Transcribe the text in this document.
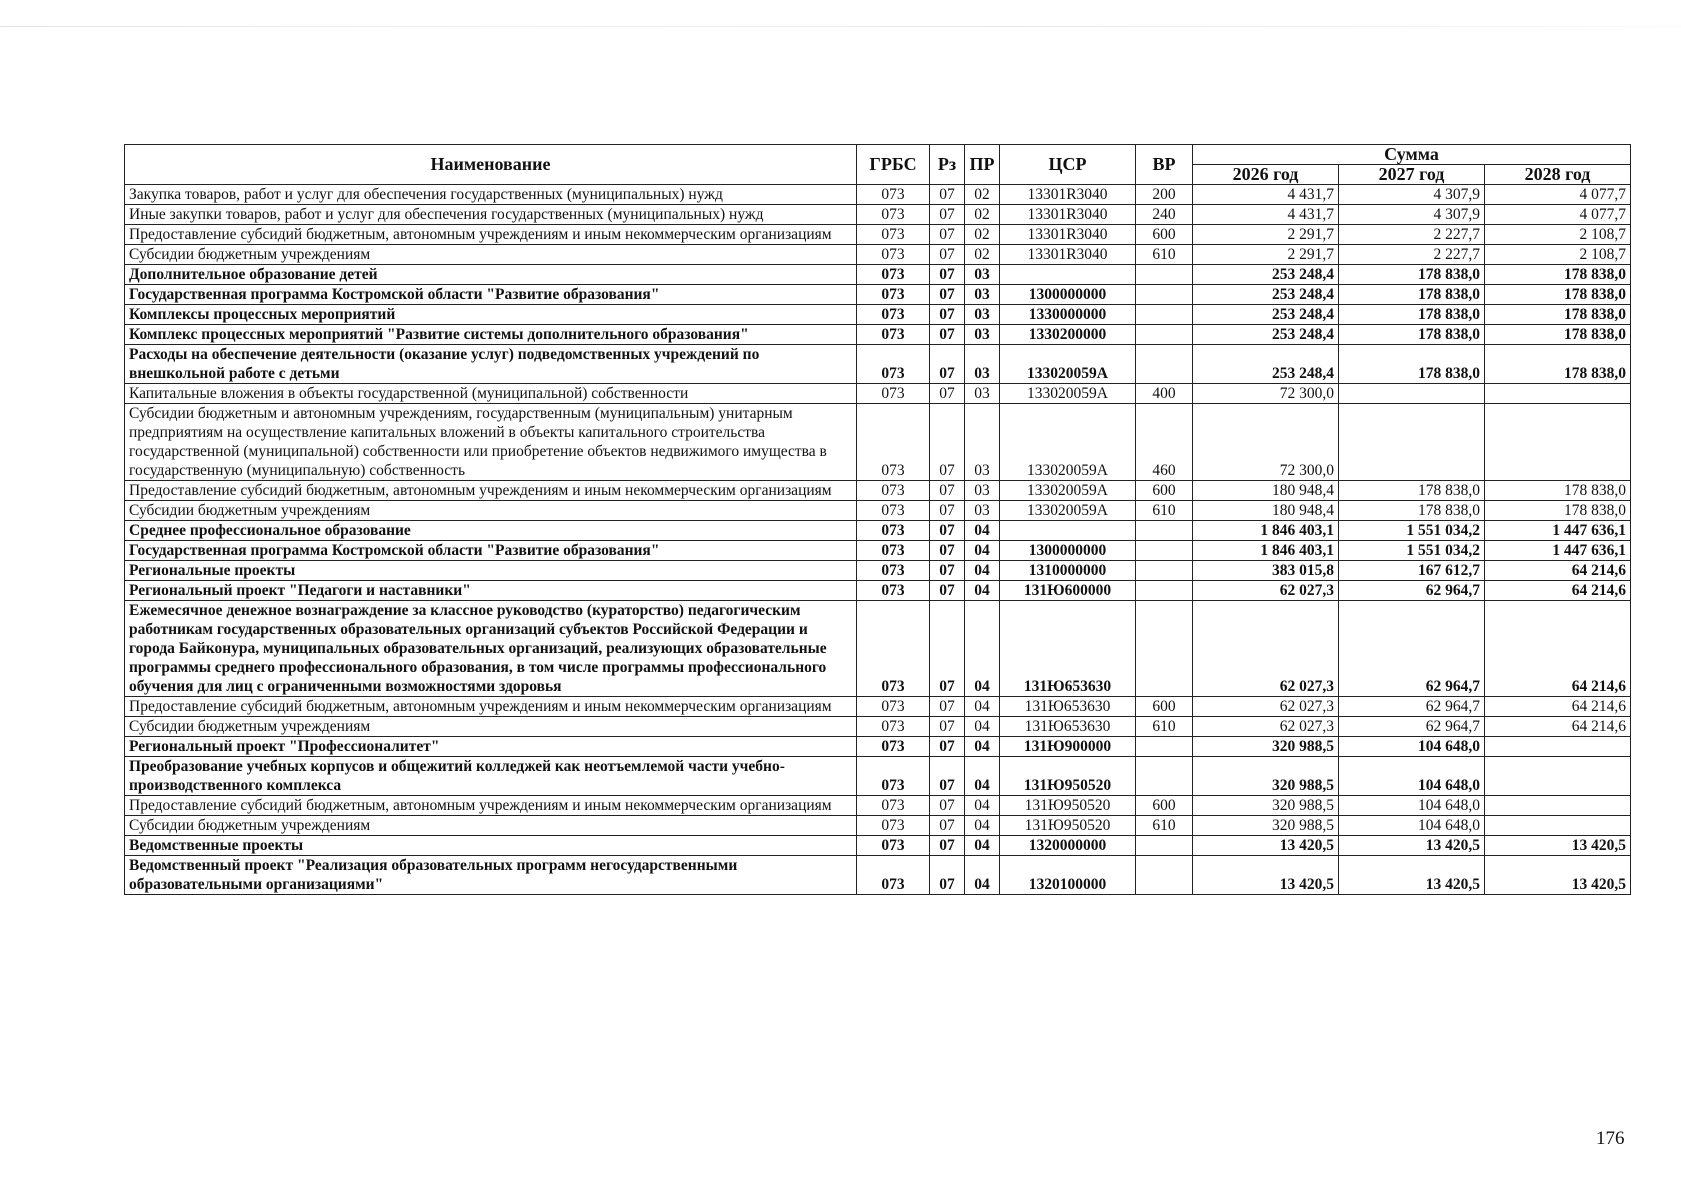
Наименование	ГРБС	Рз	ПР	ЦСР	ВР	Сумма		
						2026 год	2027 год	2028 год
Закупка товаров, работ и услуг для обеспечения государственных (муниципальных) нужд	073	07	02	13301R3040	200	4 431,7	4 307,9	4 077,7
Иные закупки товаров, работ и услуг для обеспечения государственных (муниципальных) нужд	073	07	02	13301R3040	240	4 431,7	4 307,9	4 077,7
Предоставление субсидий бюджетным, автономным учреждениям и иным некоммерческим организациям	073	07	02	13301R3040	600	2 291,7	2 227,7	2 108,7
Субсидии бюджетным учреждениям	073	07	02	13301R3040	610	2 291,7	2 227,7	2 108,7
Дополнительное образование детей	073	07	03			253 248,4	178 838,0	178 838,0
Государственная программа Костромской области "Развитие образования"	073	07	03	1300000000		253 248,4	178 838,0	178 838,0
Комплексы процессных мероприятий	073	07	03	1330000000		253 248,4	178 838,0	178 838,0
Комплекс процессных мероприятий "Развитие системы дополнительного образования"	073	07	03	1330200000		253 248,4	178 838,0	178 838,0
Расходы на обеспечение деятельности (оказание услуг) подведомственных учреждений по внешкольной работе с детьми	073	07	03	133020059А		253 248,4	178 838,0	178 838,0
Капитальные вложения в объекты государственной (муниципальной) собственности	073	07	03	133020059А	400	72 300,0		
Субсидии бюджетным и автономным учреждениям, государственным (муниципальным) унитарным предприятиям на осуществление капитальных вложений в объекты капитального строительства государственной (муниципальной) собственности или приобретение объектов недвижимого имущества в государственную (муниципальную) собственность	073	07	03	133020059А	460	72 300,0		
Предоставление субсидий бюджетным, автономным учреждениям и иным некоммерческим организациям	073	07	03	133020059А	600	180 948,4	178 838,0	178 838,0
Субсидии бюджетным учреждениям	073	07	03	133020059А	610	180 948,4	178 838,0	178 838,0
Среднее профессиональное образование	073	07	04			1 846 403,1	1 551 034,2	1 447 636,1
Государственная программа Костромской области "Развитие образования"	073	07	04	1300000000		1 846 403,1	1 551 034,2	1 447 636,1
Региональные проекты	073	07	04	1310000000		383 015,8	167 612,7	64 214,6
Региональный проект "Педагоги и наставники"	073	07	04	131Ю600000		62 027,3	62 964,7	64 214,6
Ежемесячное денежное вознаграждение за классное руководство (кураторство) педагогическим работникам государственных образовательных организаций субъектов Российской Федерации и города Байконура, муниципальных образовательных организаций, реализующих образовательные программы среднего профессионального образования, в том числе программы профессионального обучения для лиц с ограниченными возможностями здоровья	073	07	04	131Ю653630		62 027,3	62 964,7	64 214,6
Предоставление субсидий бюджетным, автономным учреждениям и иным некоммерческим организациям	073	07	04	131Ю653630	600	62 027,3	62 964,7	64 214,6
Субсидии бюджетным учреждениям	073	07	04	131Ю653630	610	62 027,3	62 964,7	64 214,6
Региональный проект "Профессионалитет"	073	07	04	131Ю900000		320 988,5	104 648,0	
Преобразование учебных корпусов и общежитий колледжей как неотъемлемой части учебно-производственного комплекса	073	07	04	131Ю950520		320 988,5	104 648,0	
Предоставление субсидий бюджетным, автономным учреждениям и иным некоммерческим организациям	073	07	04	131Ю950520	600	320 988,5	104 648,0	
Субсидии бюджетным учреждениям	073	07	04	131Ю950520	610	320 988,5	104 648,0	
Ведомственные проекты	073	07	04	1320000000		13 420,5	13 420,5	13 420,5
Ведомственный проект "Реализация образовательных программ негосударственными образовательными организациями"	073	07	04	1320100000		13 420,5	13 420,5	13 420,5
176
